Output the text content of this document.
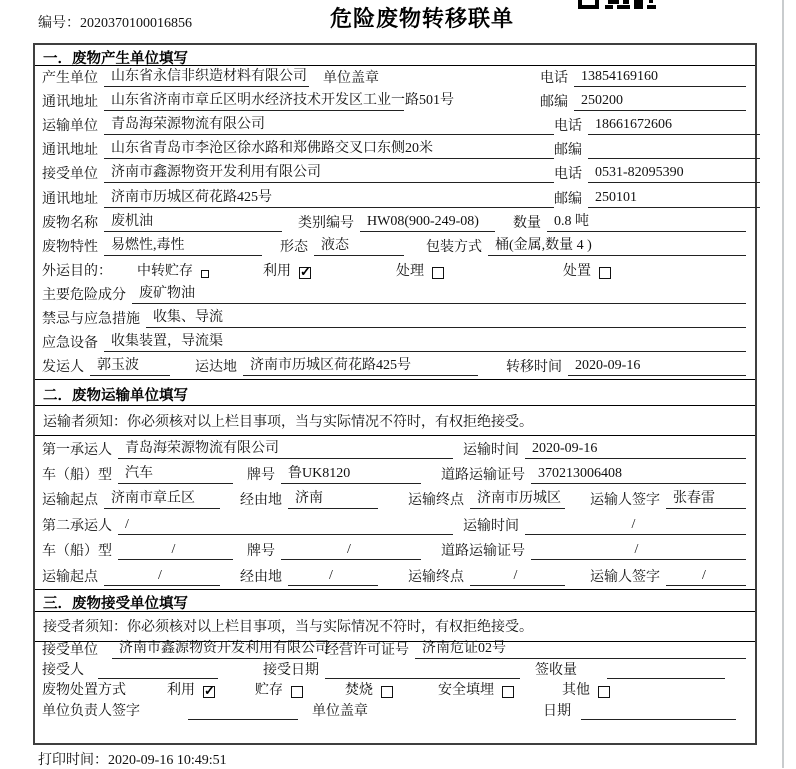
编号：2020370100016856	危险废物转移联单
一．废物产生单位填写
产生单位 山东省永信非织造材料有限公司 单位盖章	电话 13854169160
通讯地址 山东省济南市章丘区明水经济技术开发区工业一路501号	邮编 250200
运输单位 青岛海荣源物流有限公司	电话 18661672606
通讯地址 山东省青岛市李沧区徐水路和郑佛路交叉口东侧20米	邮编
接受单位 济南市鑫源物资开发利用有限公司	电话 0531-82095390
通讯地址 济南市历城区荷花路425号	邮编 250101
废物名称 废机油	类别编号 HW08(900-249-08)	数量 0.8 吨
废物特性 易燃性,毒性	形态 液态	包装方式 桶(金属,数量 4 )
外运目的： 中转贮存	利用 ✓	处理	处置
主要危险成分 废矿物油
禁忌与应急措施 收集、导流
应急设备 收集装置，导流渠
发运人 郭玉波	运达地 济南市历城区荷花路425号	转移时间 2020-09-16
二．废物运输单位填写
运输者须知：你必须核对以上栏目事项，当与实际情况不符时，有权拒绝接受。
第一承运人 青岛海荣源物流有限公司	运输时间 2020-09-16
车（船）型 汽车	牌号 鲁UK8120	道路运输证号 370213006408
运输起点 济南市章丘区	经由地 济南	运输终点 济南市历城区 运输人签字 张春雷
第二承运人 /	运输时间	/
车（船）型	/	牌号	/	道路运输证号	/
运输起点	/	经由地	/	运输终点	/	运输人签字	/
三．废物接受单位填写
接受者须知：你必须核对以上栏目事项，当与实际情况不符时，有权拒绝接受。
接受单位	济南市鑫源物资开发利用有限公司
经营许可证号 济南危证02号
接受人	接受日期	签收量
废物处置方式	利用 ✓	贮存	焚烧	安全填埋	其他
单位负责人签字	单位盖章	日期
打印时间：2020-09-16 10:49:51
